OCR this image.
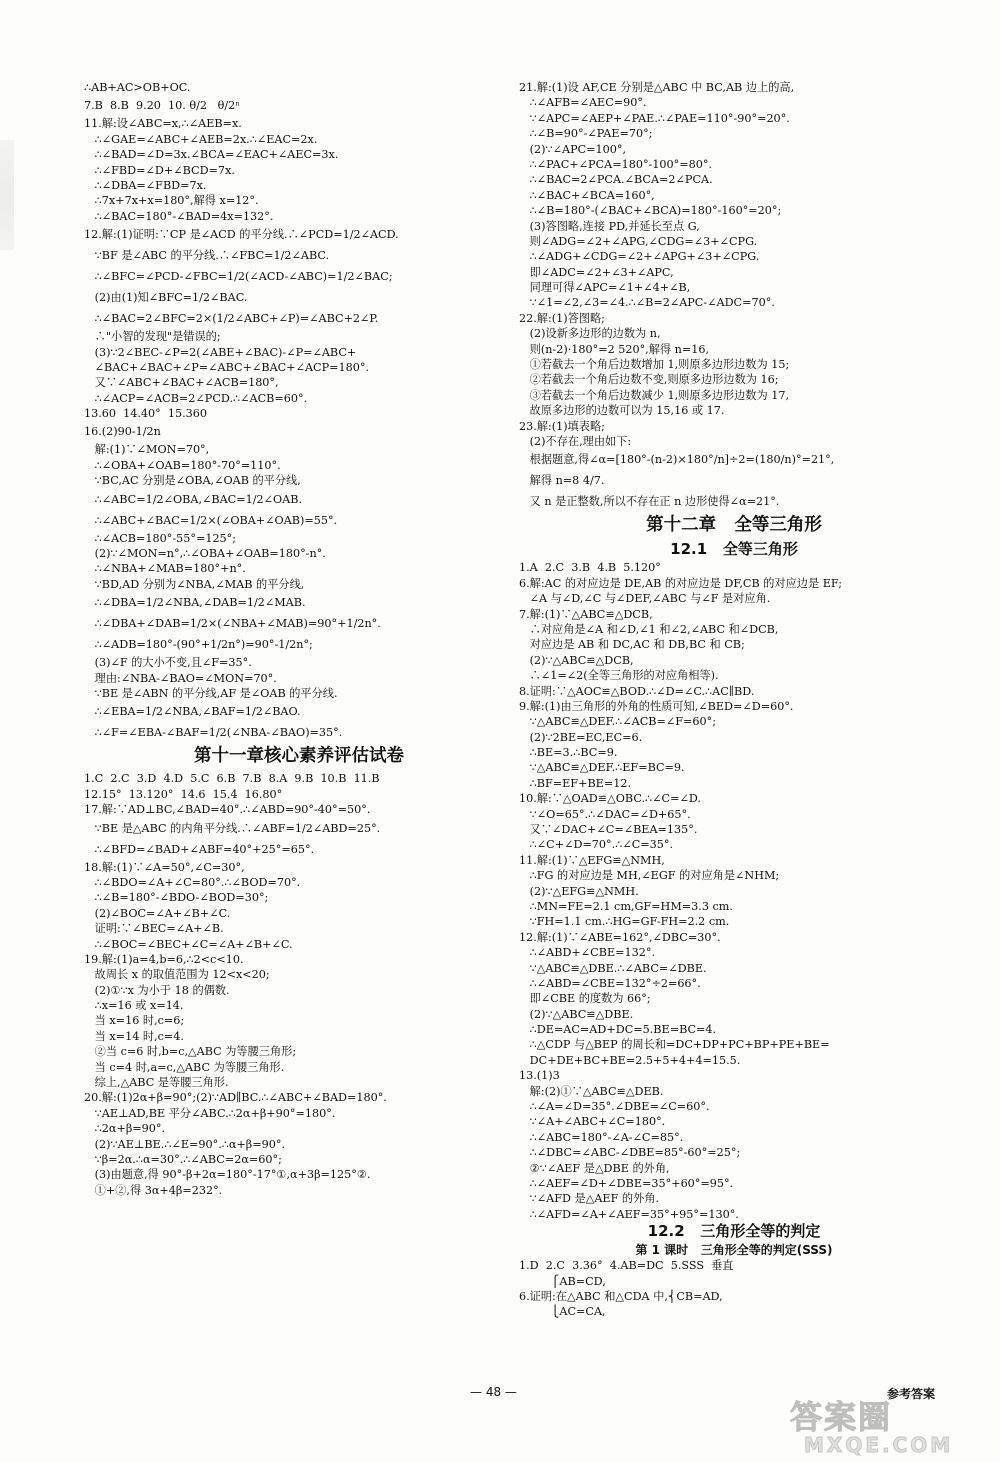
∴AB+AC>OB+OC.
7.B  8.B  9.20  10. θ/2   θ/2ⁿ
11.解:设∠ABC=x,∴∠AEB=x.
∴∠GAE=∠ABC+∠AEB=2x.∴∠EAC=2x.
∴∠BAD=∠D=3x.∠BCA=∠EAC+∠AEC=3x.
∴∠FBD=∠D+∠BCD=7x.
∴∠DBA=∠FBD=7x.
∴7x+7x+x=180°,解得 x=12°.
∴∠BAC=180°-∠BAD=4x=132°.
12.解:(1)证明:∵CP 是∠ACD 的平分线.∴∠PCD=1/2∠ACD.
∵BF 是∠ABC 的平分线.∴∠FBC=1/2∠ABC.
∴∠BFC=∠PCD-∠FBC=1/2(∠ACD-∠ABC)=1/2∠BAC;
(2)由(1)知∠BFC=1/2∠BAC.
∴∠BAC=2∠BFC=2×(1/2∠ABC+∠P)=∠ABC+2∠P.
∴"小智的发现"是错误的;
(3)∵2∠BEC-∠P=2(∠ABE+∠BAC)-∠P=∠ABC+
∠BAC+∠BAC+∠P=∠ABC+∠BAC+∠ACP=180°.
又∵∠ABC+∠BAC+∠ACB=180°,
∴∠ACP=∠ACB=2∠PCD.∴∠ACB=60°.
13.60  14.40°  15.360
16.(2)90-1/2n
解:(1)∵∠MON=70°,
∴∠OBA+∠OAB=180°-70°=110°.
∵BC,AC 分别是∠OBA,∠OAB 的平分线,
∴∠ABC=1/2∠OBA,∠BAC=1/2∠OAB.
∴∠ABC+∠BAC=1/2×(∠OBA+∠OAB)=55°.
∴∠ACB=180°-55°=125°;
(2)∵∠MON=n°,∴∠OBA+∠OAB=180°-n°.
∴∠NBA+∠MAB=180°+n°.
∵BD,AD 分别为∠NBA,∠MAB 的平分线,
∴∠DBA=1/2∠NBA,∠DAB=1/2∠MAB.
∴∠DBA+∠DAB=1/2×(∠NBA+∠MAB)=90°+1/2n°.
∴∠ADB=180°-(90°+1/2n°)=90°-1/2n°;
(3)∠F 的大小不变,且∠F=35°.
理由:∠NBA-∠BAO=∠MON=70°.
∵BE 是∠ABN 的平分线,AF 是∠OAB 的平分线.
∴∠EBA=1/2∠NBA,∠BAF=1/2∠BAO.
∴∠F=∠EBA-∠BAF=1/2(∠NBA-∠BAO)=35°.
第十一章核心素养评估试卷
1.C  2.C  3.D  4.D  5.C  6.B  7.B  8.A  9.B  10.B  11.B
12.15°  13.120°  14.6  15.4  16.80°
17.解:∵AD⊥BC,∠BAD=40°.∴∠ABD=90°-40°=50°.
∵BE 是△ABC 的内角平分线.∴∠ABF=1/2∠ABD=25°.
∴∠BFD=∠BAD+∠ABF=40°+25°=65°.
18.解:(1)∵∠A=50°,∠C=30°,
∴∠BDO=∠A+∠C=80°.∴∠BOD=70°.
∴∠B=180°-∠BDO-∠BOD=30°;
(2)∠BOC=∠A+∠B+∠C.
证明:∵∠BEC=∠A+∠B.
∴∠BOC=∠BEC+∠C=∠A+∠B+∠C.
19.解:(1)a=4,b=6,∴2<c<10.
故周长 x 的取值范围为 12<x<20;
(2)①∵x 为小于 18 的偶数.
∴x=16 或 x=14.
当 x=16 时,c=6;
当 x=14 时,c=4.
②当 c=6 时,b=c,△ABC 为等腰三角形;
当 c=4 时,a=c,△ABC 为等腰三角形.
综上,△ABC 是等腰三角形.
20.解:(1)2α+β=90°;(2)∵AD∥BC.∴∠ABC+∠BAD=180°.
∵AE⊥AD,BE 平分∠ABC.∴2α+β+90°=180°.
∴2α+β=90°.
(2)∵AE⊥BE.∴∠E=90°.∴α+β=90°.
∵β=2α.∴α=30°.∴∠ABC=2α=60°;
(3)由题意,得 90°-β+2α=180°-17°①,α+3β=125°②.
①+②,得 3α+4β=232°.
21.解:(1)设 AF,CE 分别是△ABC 中 BC,AB 边上的高,
∴∠AFB=∠AEC=90°.
∵∠APC=∠AEP+∠PAE.∴∠PAE=110°-90°=20°.
∴∠B=90°-∠PAE=70°;
(2)∵∠APC=100°,
∴∠PAC+∠PCA=180°-100°=80°.
∴∠BAC=2∠PCA.∠BCA=2∠PCA.
∴∠BAC+∠BCA=160°,
∴∠B=180°-(∠BAC+∠BCA)=180°-160°=20°;
(3)答图略,连接 PD,并延长至点 G,
则∠ADG=∠2+∠APG,∠CDG=∠3+∠CPG.
∴∠ADG+∠CDG=∠2+∠APG+∠3+∠CPG.
即∠ADC=∠2+∠3+∠APC,
同理可得∠APC=∠1+∠4+∠B,
∵∠1=∠2,∠3=∠4.∴∠B=2∠APC-∠ADC=70°.
22.解:(1)答图略;
(2)设新多边形的边数为 n,
则(n-2)·180°=2 520°,解得 n=16,
①若截去一个角后边数增加 1,则原多边形边数为 15;
②若截去一个角后边数不变,则原多边形边数为 16;
③若截去一个角后边数减少 1,则原多边形边数为 17,
故原多边形的边数可以为 15,16 或 17.
23.解:(1)填表略;
(2)不存在,理由如下:
根据题意,得∠α=[180°-(n-2)×180°/n]÷2=(180/n)°=21°,
解得 n=8 4/7.
又 n 是正整数,所以不存在正 n 边形使得∠α=21°.
第十二章   全等三角形
12.1   全等三角形
1.A  2.C  3.B  4.B  5.120°
6.解:AC 的对应边是 DE,AB 的对应边是 DF,CB 的对应边是 EF;
∠A 与∠D,∠C 与∠DEF,∠ABC 与∠F 是对应角.
7.解:(1)∵△ABC≌△DCB,
∴对应角是∠A 和∠D,∠1 和∠2,∠ABC 和∠DCB,
对应边是 AB 和 DC,AC 和 DB,BC 和 CB;
(2)∵△ABC≌△DCB,
∴∠1=∠2(全等三角形的对应角相等).
8.证明:∵△AOC≌△BOD.∴∠D=∠C.∴AC∥BD.
9.解:(1)由三角形的外角的性质可知,∠BED=∠D=60°.
∵△ABC≌△DEF.∴∠ACB=∠F=60°;
(2)∵2BE=EC,EC=6.
∴BE=3.∴BC=9.
∵△ABC≌△DEF.∴EF=BC=9.
∴BF=EF+BE=12.
10.解:∵△OAD≌△OBC.∴∠C=∠D.
∵∠O=65°.∴∠DAC=∠D+65°.
又∵∠DAC+∠C=∠BEA=135°.
∴∠C+∠D=70°.∴∠C=35°.
11.解:(1)∵△EFG≌△NMH,
∴FG 的对应边是 MH,∠EGF 的对应角是∠NHM;
(2)∵△EFG≌△NMH.
∴MN=FE=2.1 cm,GF=HM=3.3 cm.
∵FH=1.1 cm.∴HG=GF-FH=2.2 cm.
12.解:(1)∵∠ABE=162°,∠DBC=30°.
∴∠ABD+∠CBE=132°.
∵△ABC≌△DBE.∴∠ABC=∠DBE.
∴∠ABD=∠CBE=132°÷2=66°.
即∠CBE 的度数为 66°;
(2)∵△ABC≌△DBE.
∴DE=AC=AD+DC=5.BE=BC=4.
∴△CDP 与△BEP 的周长和=DC+DP+PC+BP+PE+BE=
DC+DE+BC+BE=2.5+5+4+4=15.5.
13.(1)3
解:(2)①∵△ABC≌△DEB.
∴∠A=∠D=35°.∠DBE=∠C=60°.
∵∠A+∠ABC+∠C=180°.
∴∠ABC=180°-∠A-∠C=85°.
∴∠DBC=∠ABC-∠DBE=85°-60°=25°;
②∵∠AEF 是△DBE 的外角,
∴∠AEF=∠D+∠DBE=35°+60°=95°.
∵∠AFD 是△AEF 的外角.
∴∠AFD=∠A+∠AEF=35°+95°=130°.
12.2   三角形全等的判定
第 1 课时   三角形全等的判定(SSS)
1.D  2.C  3.36°  4.AB=DC  5.SSS  垂直
⎧AB=CD,
6.证明:在△ABC 和△CDA 中,⎨CB=AD,
⎩AC=CA,
— 48 —	参考答案
答案圈
MXQE.COM
